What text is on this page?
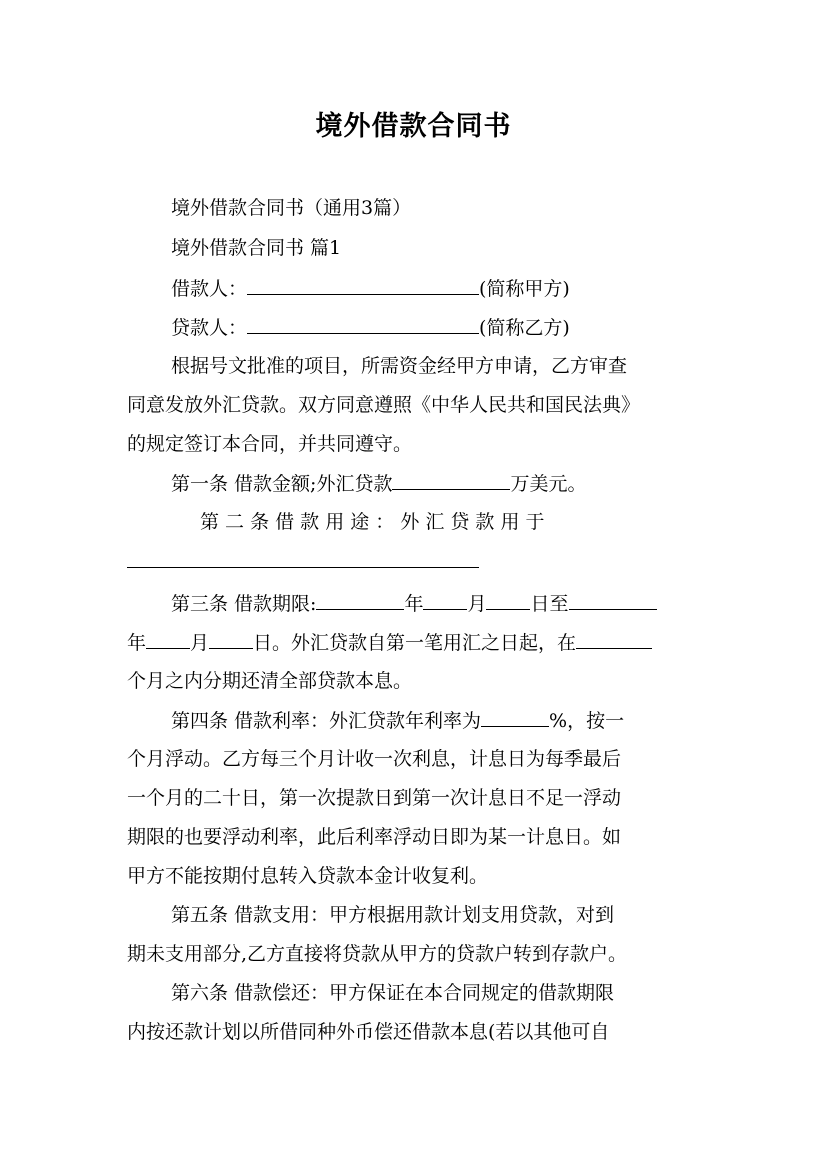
境外借款合同书
境外借款合同书（通用3篇）
境外借款合同书 篇1
借款人：	(简称甲方)
贷款人：	(简称乙方)
根据号文批准的项目，所需资金经甲方申请，乙方审查
同意发放外汇贷款。双方同意遵照《中华人民共和国民法典》
的规定签订本合同，并共同遵守。
第一条 借款金额;外汇贷款	万美元。
第 二 条 借 款 用 途 ： 外 汇 贷 款 用 于
第三条 借款期限:	年 月 日至
年 月 日。外汇贷款自第一笔用汇之日起，在
个月之内分期还清全部贷款本息。
第四条 借款利率：外汇贷款年利率为	%，按一
个月浮动。乙方每三个月计收一次利息，计息日为每季最后
一个月的二十日，第一次提款日到第一次计息日不足一浮动
期限的也要浮动利率，此后利率浮动日即为某一计息日。如
甲方不能按期付息转入贷款本金计收复利。
第五条 借款支用：甲方根据用款计划支用贷款，对到
期未支用部分,乙方直接将贷款从甲方的贷款户转到存款户。
第六条 借款偿还：甲方保证在本合同规定的借款期限
内按还款计划以所借同种外币偿还借款本息(若以其他可自
